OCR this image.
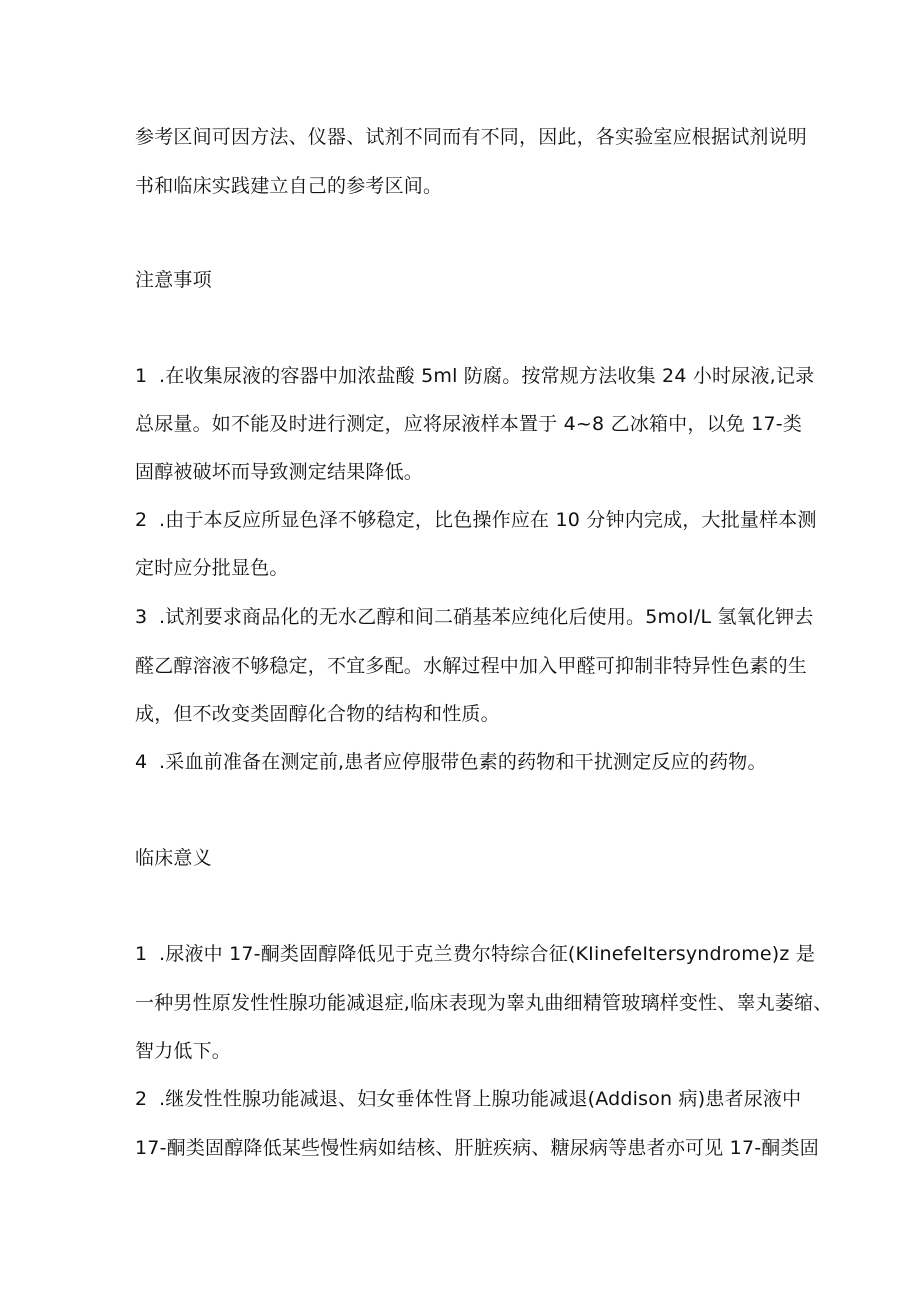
参考区间可因方法、仪器、试剂不同而有不同，因此，各实验室应根据试剂说明
书和临床实践建立自己的参考区间。
注意事项
1 .在收集尿液的容器中加浓盐酸 5ml 防腐。按常规方法收集 24 小时尿液,记录
总尿量。如不能及时进行测定，应将尿液样本置于 4~8 乙冰箱中，以免 17-类
固醇被破坏而导致测定结果降低。
2 .由于本反应所显色泽不够稳定，比色操作应在 10 分钟内完成，大批量样本测
定时应分批显色。
3 .试剂要求商品化的无水乙醇和间二硝基苯应纯化后使用。5moI∕L 氢氧化钾去
醛乙醇溶液不够稳定，不宜多配。水解过程中加入甲醛可抑制非特异性色素的生
成，但不改变类固醇化合物的结构和性质。
4 .采血前准备在测定前,患者应停服带色素的药物和干扰测定反应的药物。
临床意义
1 .尿液中 17-酮类固醇降低见于克兰费尔特综合征(KIinefeItersyndrome)z 是
一种男性原发性性腺功能减退症,临床表现为睾丸曲细精管玻璃样变性、睾丸萎缩、
智力低下。
2 .继发性性腺功能减退、妇女垂体性肾上腺功能减退(Addison 病)患者尿液中
17-酮类固醇降低某些慢性病如结核、肝脏疾病、糖尿病等患者亦可见 17-酮类固
